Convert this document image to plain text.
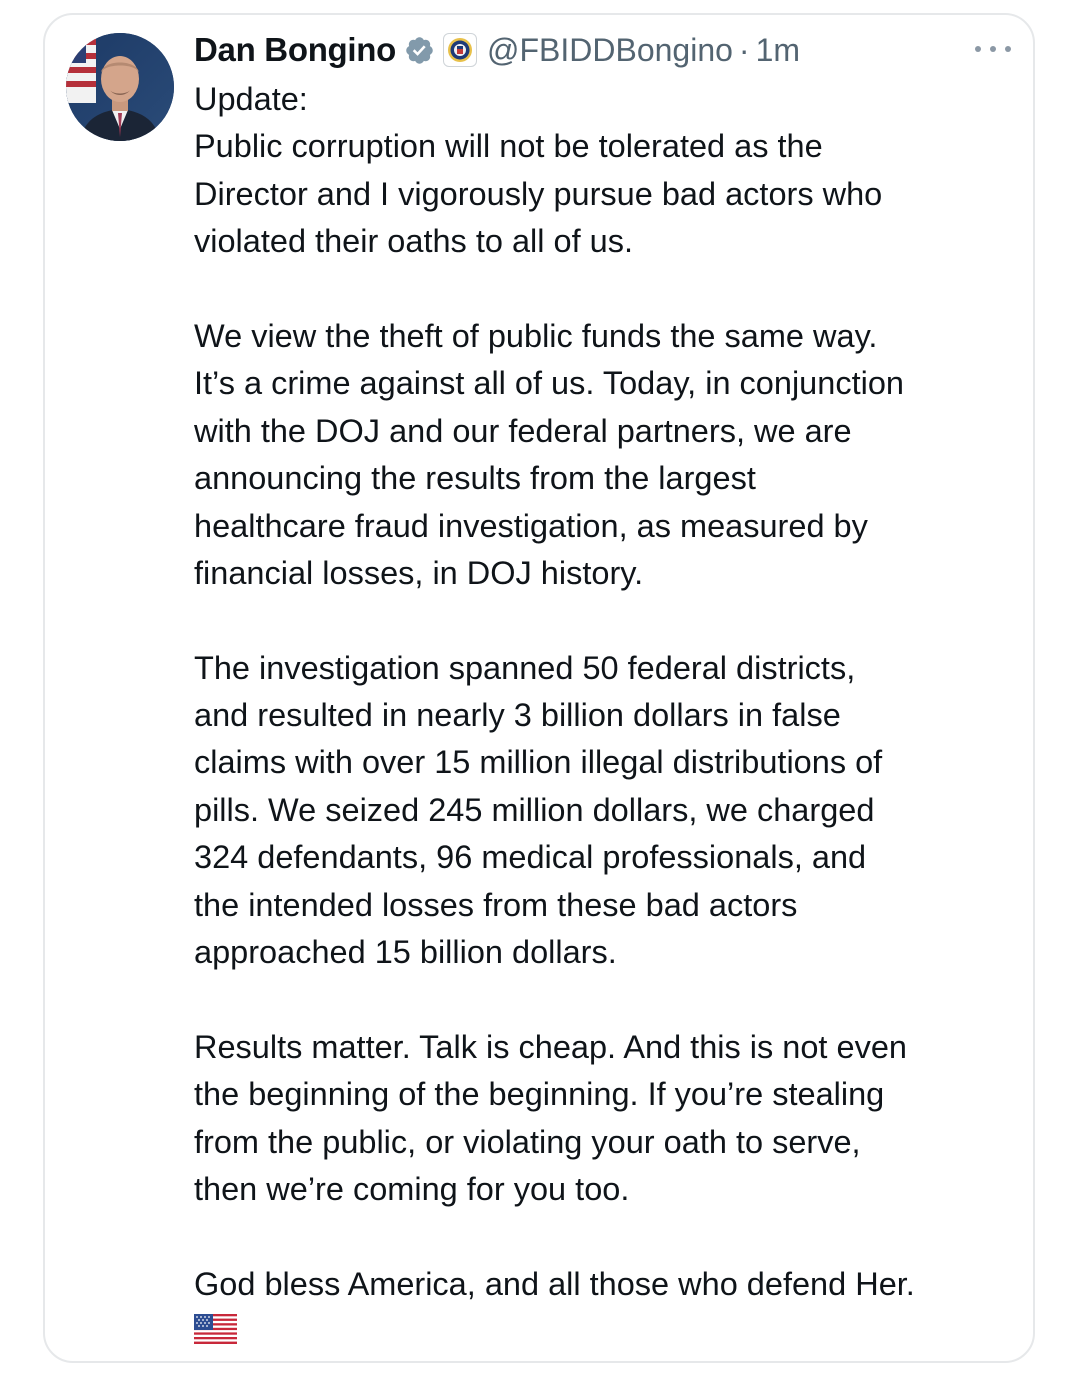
Dan Bongino	@FBIDDBongino · 1m
Update:
Public corruption will not be tolerated as the
Director and I vigorously pursue bad actors who
violated their oaths to all of us.
We view the theft of public funds the same way.
It’s a crime against all of us. Today, in conjunction
with the DOJ and our federal partners, we are
announcing the results from the largest
healthcare fraud investigation, as measured by
financial losses, in DOJ history.
The investigation spanned 50 federal districts,
and resulted in nearly 3 billion dollars in false
claims with over 15 million illegal distributions of
pills. We seized 245 million dollars, we charged
324 defendants, 96 medical professionals, and
the intended losses from these bad actors
approached 15 billion dollars.
Results matter. Talk is cheap. And this is not even
the beginning of the beginning. If you’re stealing
from the public, or violating your oath to serve,
then we’re coming for you too.
God bless America, and all those who defend Her.
